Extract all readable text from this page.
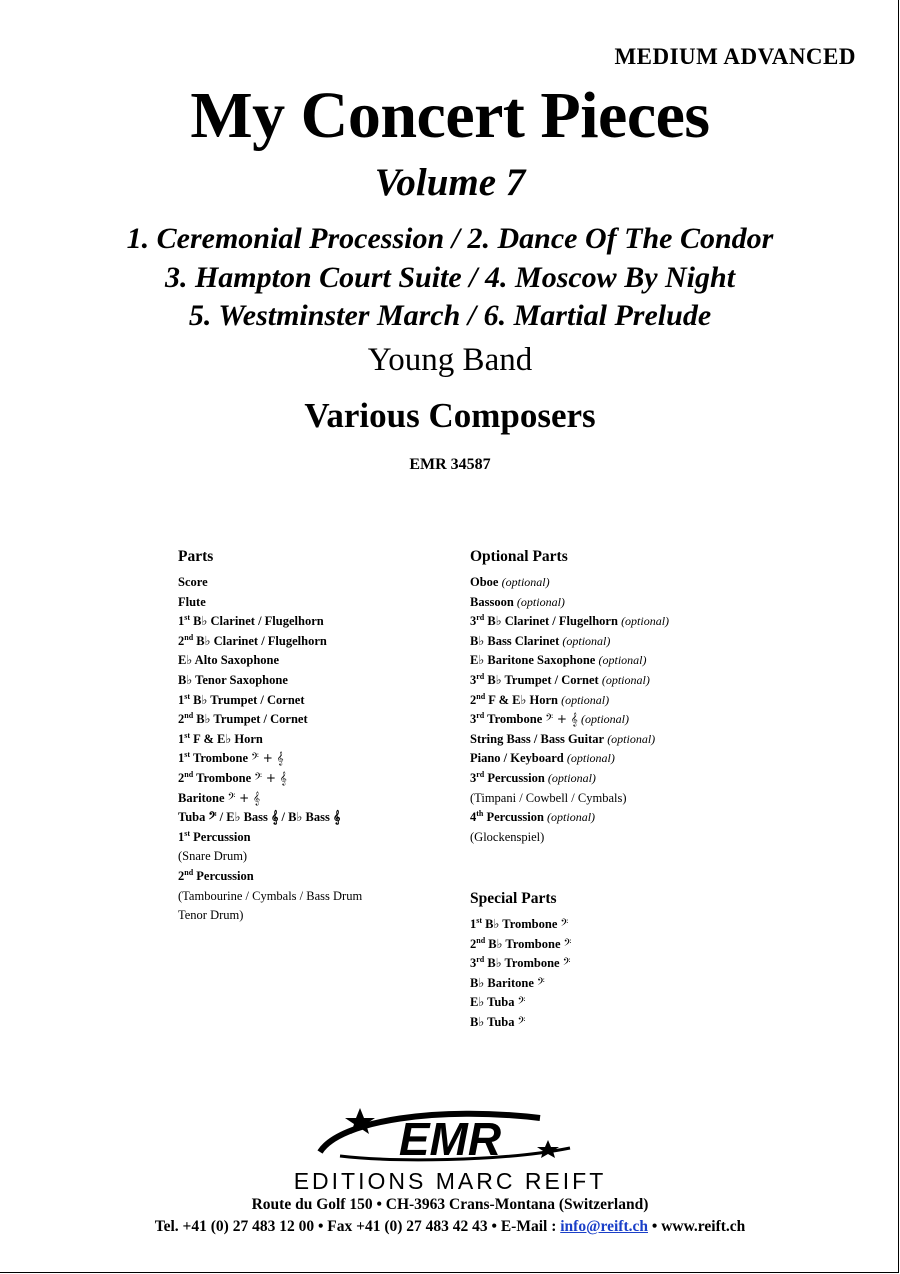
MEDIUM ADVANCED
My Concert Pieces
Volume 7
1. Ceremonial Procession / 2. Dance Of The Condor
3. Hampton Court Suite / 4. Moscow By Night
5. Westminster March / 6. Martial Prelude
Young Band
Various Composers
EMR 34587
Parts
Score
Flute
1st B♭ Clarinet / Flugelhorn
2nd B♭ Clarinet / Flugelhorn
E♭ Alto Saxophone
B♭ Tenor Saxophone
1st B♭ Trumpet / Cornet
2nd B♭ Trumpet / Cornet
1st F & E♭ Horn
1st Trombone 𝄢 + 𝄞
2nd Trombone 𝄢 + 𝄞
Baritone 𝄢 + 𝄞
Tuba 𝄢 / E♭ Bass 𝄞 / B♭ Bass 𝄞
1st Percussion
(Snare Drum)
2nd Percussion
(Tambourine / Cymbals / Bass Drum
Tenor Drum)
Optional Parts
Oboe (optional)
Bassoon (optional)
3rd B♭ Clarinet / Flugelhorn (optional)
B♭ Bass Clarinet (optional)
E♭ Baritone Saxophone (optional)
3rd B♭ Trumpet / Cornet (optional)
2nd F & E♭ Horn (optional)
3rd Trombone 𝄢 + 𝄞 (optional)
String Bass / Bass Guitar (optional)
Piano / Keyboard (optional)
3rd Percussion (optional)
(Timpani / Cowbell / Cymbals)
4th Percussion (optional)
(Glockenspiel)
Special Parts
1st B♭ Trombone 𝄢
2nd B♭ Trombone 𝄢
3rd B♭ Trombone 𝄢
B♭ Baritone 𝄢
E♭ Tuba 𝄢
B♭ Tuba 𝄢
EMR
EDITIONS MARC REIFT
Route du Golf 150 • CH-3963 Crans-Montana (Switzerland)
Tel. +41 (0) 27 483 12 00 • Fax +41 (0) 27 483 42 43 • E-Mail : info@reift.ch • www.reift.ch
